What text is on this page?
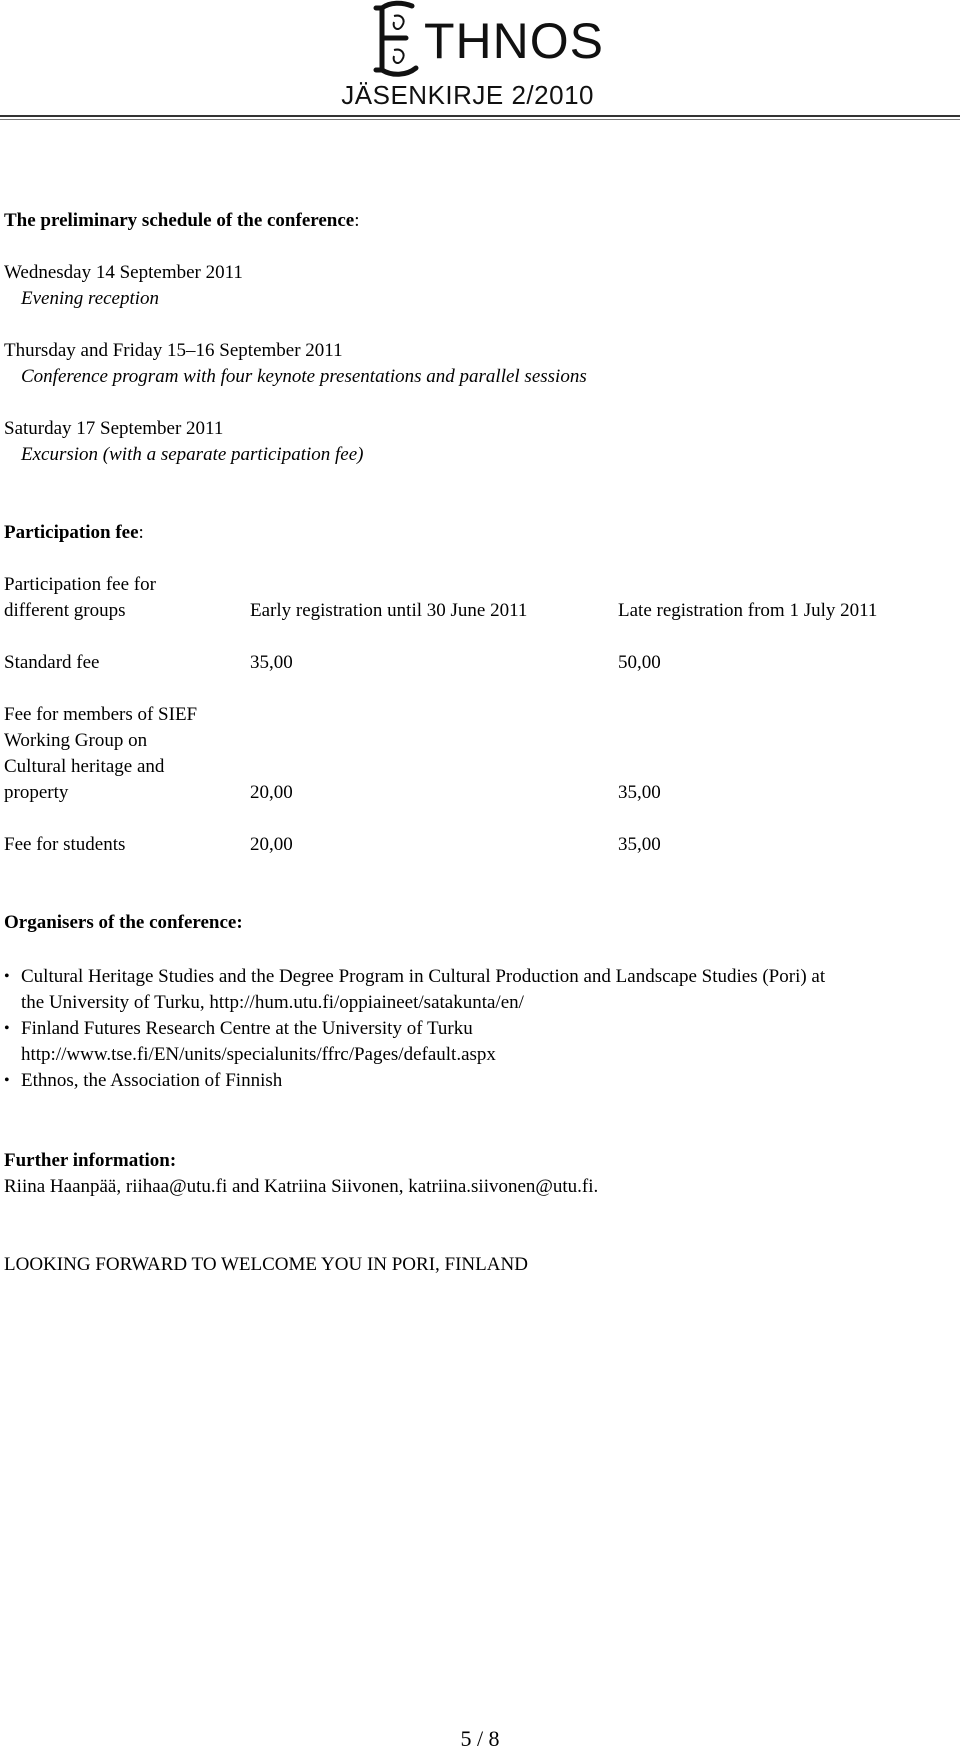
THNOS
JÄSENKIRJE 2/2010
The preliminary schedule of the conference:
Wednesday 14 September 2011
Evening reception
Thursday and Friday 15–16 September 2011
Conference program with four keynote presentations and parallel sessions
Saturday 17 September 2011
Excursion (with a separate participation fee)
Participation fee:
Participation fee for
different groups	Early registration until 30 June 2011	Late registration from 1 July 2011
Standard fee	35,00	50,00
Fee for members of SIEF
Working Group on
Cultural heritage and
property	20,00	35,00
Fee for students	20,00	35,00
Organisers of the conference:
• Cultural Heritage Studies and the Degree Program in Cultural Production and Landscape Studies (Pori) at
the University of Turku, http://hum.utu.fi/oppiaineet/satakunta/en/
• Finland Futures Research Centre at the University of Turku
http://www.tse.fi/EN/units/specialunits/ffrc/Pages/default.aspx
• Ethnos, the Association of Finnish
Further information:
Riina Haanpää, riihaa@utu.fi and Katriina Siivonen, katriina.siivonen@utu.fi.
LOOKING FORWARD TO WELCOME YOU IN PORI, FINLAND
5 / 8
